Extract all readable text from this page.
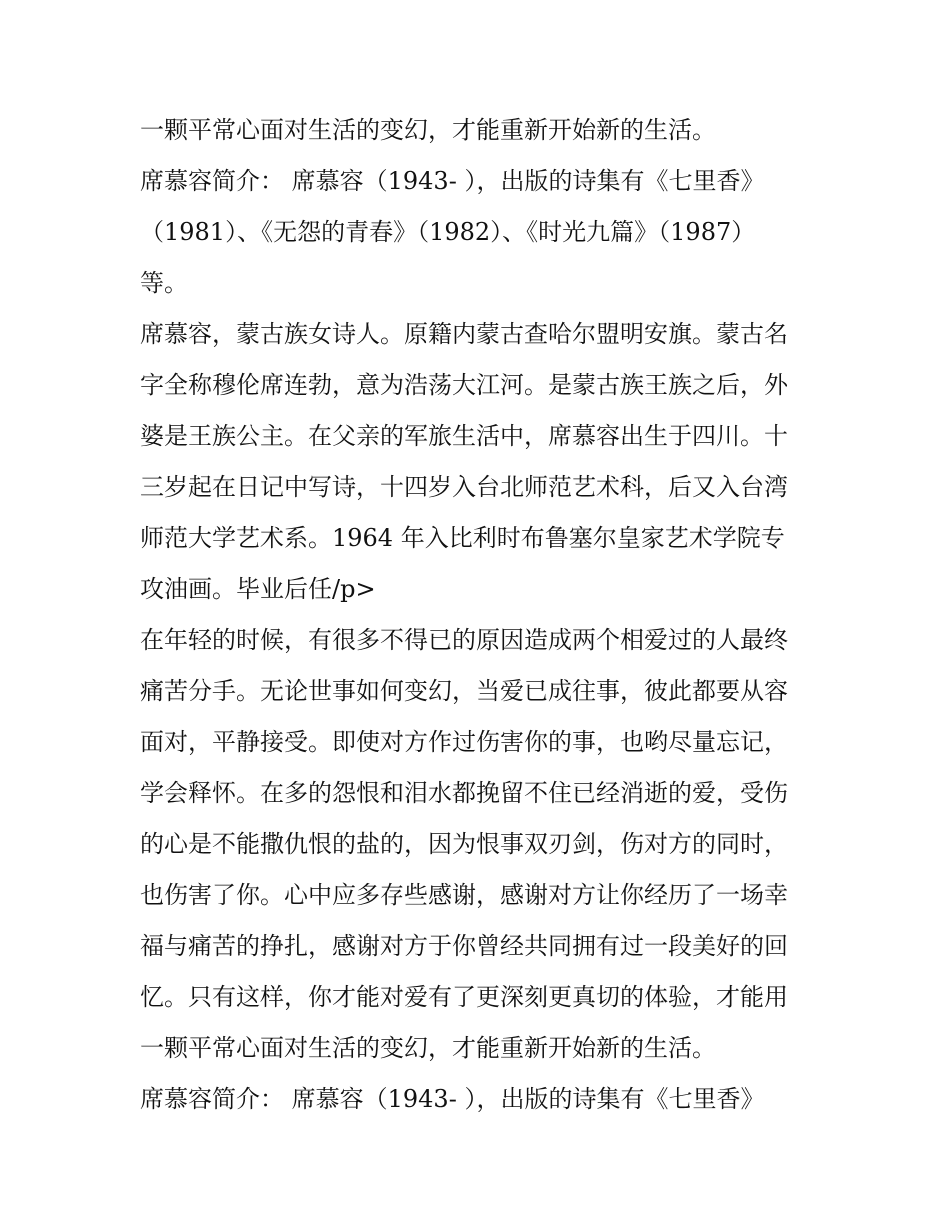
一颗平常心面对生活的变幻，才能重新开始新的生活。
席慕容简介： 席慕容（1943- ），出版的诗集有《七里香》
（1981）、《无怨的青春》（1982）、《时光九篇》（1987）
等。
席慕容，蒙古族女诗人。原籍内蒙古查哈尔盟明安旗。蒙古名
字全称穆伦席连勃，意为浩荡大江河。是蒙古族王族之后，外
婆是王族公主。在父亲的军旅生活中，席慕容出生于四川。十
三岁起在日记中写诗，十四岁入台北师范艺术科，后又入台湾
师范大学艺术系。1964 年入比利时布鲁塞尔皇家艺术学院专
攻油画。毕业后任/p>
在年轻的时候，有很多不得已的原因造成两个相爱过的人最终
痛苦分手。无论世事如何变幻，当爱已成往事，彼此都要从容
面对，平静接受。即使对方作过伤害你的事，也哟尽量忘记，
学会释怀。在多的怨恨和泪水都挽留不住已经消逝的爱，受伤
的心是不能撒仇恨的盐的，因为恨事双刃剑，伤对方的同时，
也伤害了你。心中应多存些感谢，感谢对方让你经历了一场幸
福与痛苦的挣扎，感谢对方于你曾经共同拥有过一段美好的回
忆。只有这样，你才能对爱有了更深刻更真切的体验，才能用
一颗平常心面对生活的变幻，才能重新开始新的生活。
席慕容简介： 席慕容（1943- ），出版的诗集有《七里香》
